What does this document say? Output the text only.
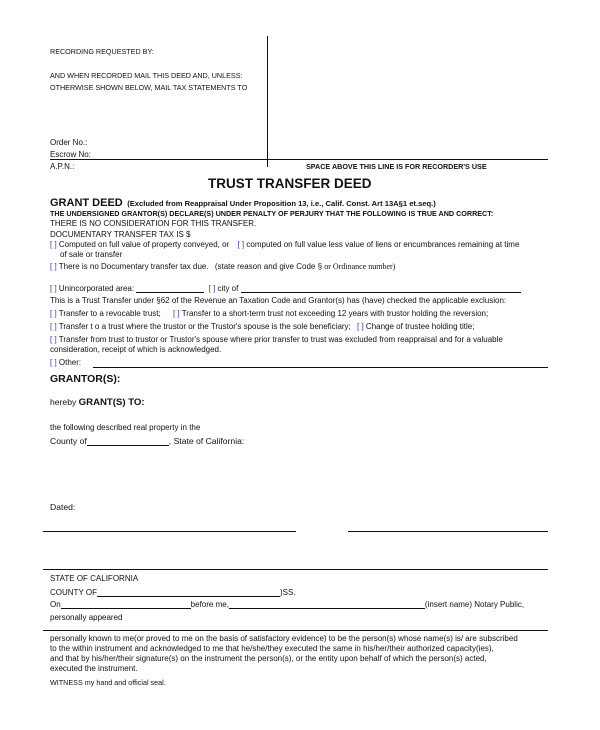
RECORDING REQUESTED BY:
AND WHEN RECORDED MAIL THIS DEED AND, UNLESS:
OTHERWISE SHOWN BELOW, MAIL TAX STATEMENTS TO
Order No.:
Escrow No:
A.P.N.:	SPACE ABOVE THIS LINE IS FOR RECORDER'S USE
TRUST TRANSFER DEED
GRANT DEED (Excluded from Reappraisal Under Proposition 13, i.e., Calif. Const. Art 13A§1 et.seq.)
THE UNDERSIGNED GRANTOR(S) DECLARE(S) UNDER PENALTY OF PERJURY THAT THE FOLLOWING IS TRUE AND CORRECT:
THERE IS NO CONSIDERATION FOR THIS TRANSFER.
DOCUMENTARY TRANSFER TAX IS $
[ ] Computed on full value of property conveyed, or [ ] computed on full value less value of liens or encumbrances remaining at time
of sale or transfer
[ ] There is no Documentary transfer tax due. (state reason and give Code § or Ordinance number)
[ ] Unincorporated area:	[ ] city of
This is a Trust Transfer under §62 of the Revenue an Taxation Code and Grantor(s) has (have) checked the applicable exclusion:
[ ] Transfer to a revocable trust; [ ] Transfer to a short-term trust not exceeding 12 years with trustor holding the reversion;
[ ] Transfer t o a trust where the trustor or the Trustor's spouse is the sole beneficiary; [ ] Change of trustee holding title;
[ ] Transfer from trust to trustor or Trustor's spouse where prior transfer to trust was excluded from reappraisal and for a valuable
consideration, receipt of which is acknowledged.
[ ] Other:
GRANTOR(S):
hereby GRANT(S) TO:
the following described real property in the
County of	, State of California:
Dated:
STATE OF CALIFORNIA
COUNTY OF	)SS.
On	before me,	(insert name) Notary Public,
personally appeared
personally known to me(or proved to me on the basis of satisfactory evidence) to be the person(s) whose name(s) is/ are subscribed
to the within instrument and acknowledged to me that he/she/they executed the same in his/her/their authorized capacity(ies),
and that by his/her/their signature(s) on the instrument the person(s), or the entity upon behalf of which the person(s) acted,
executed the instrument.
WITNESS my hand and official seal.
